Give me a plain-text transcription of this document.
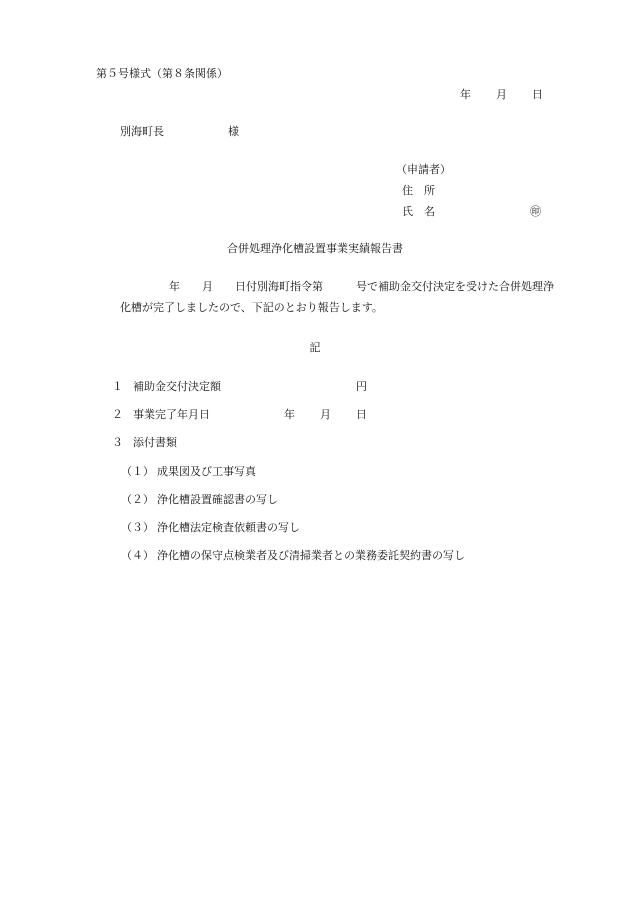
第５号様式（第８条関係）
年 月 日
別海町長	様
（申請者）
住　所
氏　名	㊞
合併処理浄化槽設置事業実績報告書
年　　月　　日付別海町指令第　　　号で補助金交付決定を受けた合併処理浄
化槽が完了しましたので、下記のとおり報告します。
記
１ 補助金交付決定額	円
２ 事業完了年月日	年 月 日
３ 添付書類
（１） 成果図及び工事写真
（２） 浄化槽設置確認書の写し
（３） 浄化槽法定検査依頼書の写し
（４） 浄化槽の保守点検業者及び清掃業者との業務委託契約書の写し
